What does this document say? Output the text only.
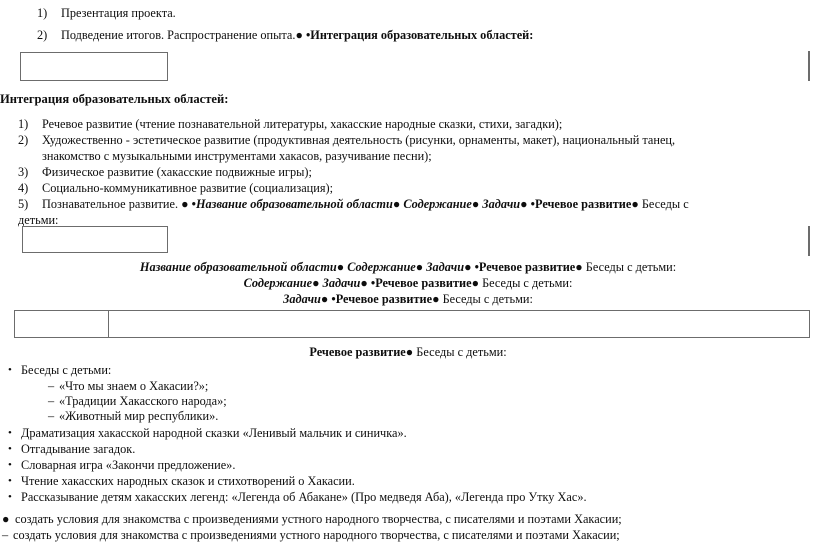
1)	Презентация проекта.
2)	Подведение итогов. Распространение опыта.● •Интеграция образовательных областей:
Интеграция образовательных областей:
1)	Речевое развитие (чтение познавательной литературы, хакасские народные сказки, стихи, загадки);
2)	Художественно - эстетическое развитие (продуктивная деятельность (рисунки, орнаменты, макет), национальный танец,
знакомство с музыкальными инструментами хакасов, разучивание песни);
3)	Физическое развитие (хакасские подвижные игры);
4)	Социально-коммуникативное развитие (социализация);
5)	Познавательное развитие. ● •Название образовательной области● Содержание● Задачи● •Речевое развитие● Беседы с
детьми:
Название образовательной области● Содержание● Задачи● •Речевое развитие● Беседы с детьми:
Содержание● Задачи● •Речевое развитие● Беседы с детьми:
Задачи● •Речевое развитие● Беседы с детьми:
Речевое развитие● Беседы с детьми:
• Беседы с детьми:
– «Что мы знаем о Хакасии?»;
– «Традиции Хакасского народа»;
– «Животный мир республики».
• Драматизация хакасской народной сказки «Ленивый мальчик и синичка».
• Отгадывание загадок.
• Словарная игра «Закончи предложение».
• Чтение хакасских народных сказок и стихотворений о Хакасии.
• Рассказывание детям хакасских легенд: «Легенда об Абакане» (Про медведя Аба), «Легенда про Утку Хас».
● создать условия для знакомства с произведениями устного народного творчества, с писателями и поэтами Хакасии;
– создать условия для знакомства с произведениями устного народного творчества, с писателями и поэтами Хакасии;
